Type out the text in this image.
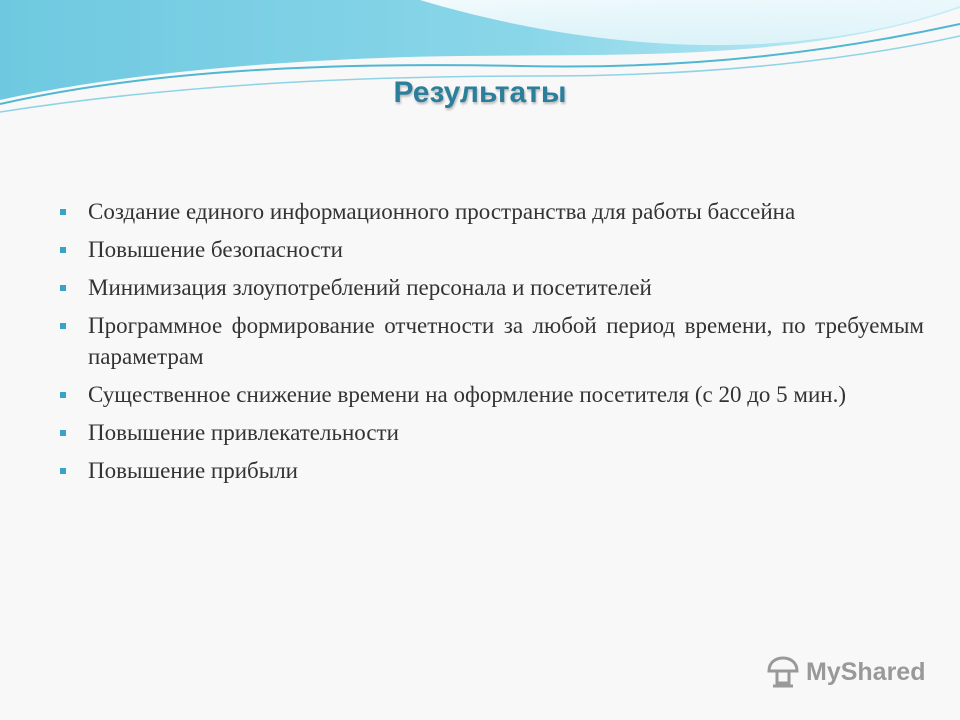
Результаты
Создание единого информационного пространства для работы бассейна
Повышение безопасности
Минимизация злоупотреблений персонала и посетителей
Программное формирование отчетности за любой период времени, по требуемым параметрам
Существенное снижение времени на оформление посетителя (с 20 до 5 мин.)
Повышение привлекательности
Повышение прибыли
MyShared
